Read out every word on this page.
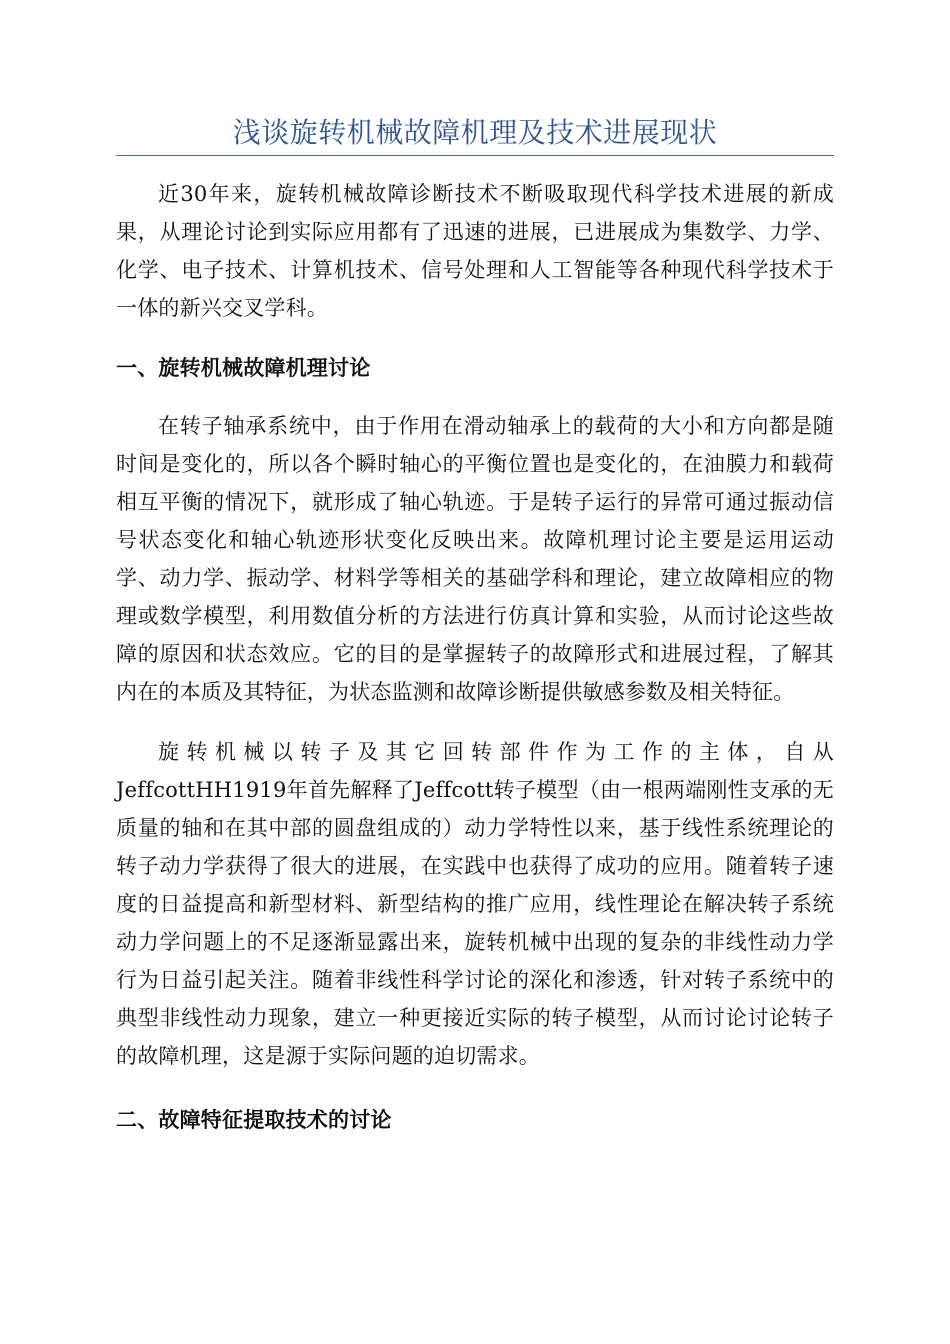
浅谈旋转机械故障机理及技术进展现状

近30年来，旋转机械故障诊断技术不断吸取现代科学技术进展的新成果，从理论讨论到实际应用都有了迅速的进展，已进展成为集数学、力学、化学、电子技术、计算机技术、信号处理和人工智能等各种现代科学技术于一体的新兴交叉学科。

一、旋转机械故障机理讨论

在转子轴承系统中，由于作用在滑动轴承上的载荷的大小和方向都是随时间是变化的，所以各个瞬时轴心的平衡位置也是变化的，在油膜力和载荷相互平衡的情况下，就形成了轴心轨迹。于是转子运行的异常可通过振动信号状态变化和轴心轨迹形状变化反映出来。故障机理讨论主要是运用运动学、动力学、振动学、材料学等相关的基础学科和理论，建立故障相应的物理或数学模型，利用数值分析的方法进行仿真计算和实验，从而讨论这些故障的原因和状态效应。它的目的是掌握转子的故障形式和进展过程，了解其内在的本质及其特征，为状态监测和故障诊断提供敏感参数及相关特征。

旋转机械以转子及其它回转部件作为工作的主体，自从JeffcottHH1919年首先解释了Jeffcott转子模型（由一根两端刚性支承的无质量的轴和在其中部的圆盘组成的）动力学特性以来，基于线性系统理论的转子动力学获得了很大的进展，在实践中也获得了成功的应用。随着转子速度的日益提高和新型材料、新型结构的推广应用，线性理论在解决转子系统动力学问题上的不足逐渐显露出来，旋转机械中出现的复杂的非线性动力学行为日益引起关注。随着非线性科学讨论的深化和渗透，针对转子系统中的典型非线性动力现象，建立一种更接近实际的转子模型，从而讨论讨论转子的故障机理，这是源于实际问题的迫切需求。

二、故障特征提取技术的讨论
